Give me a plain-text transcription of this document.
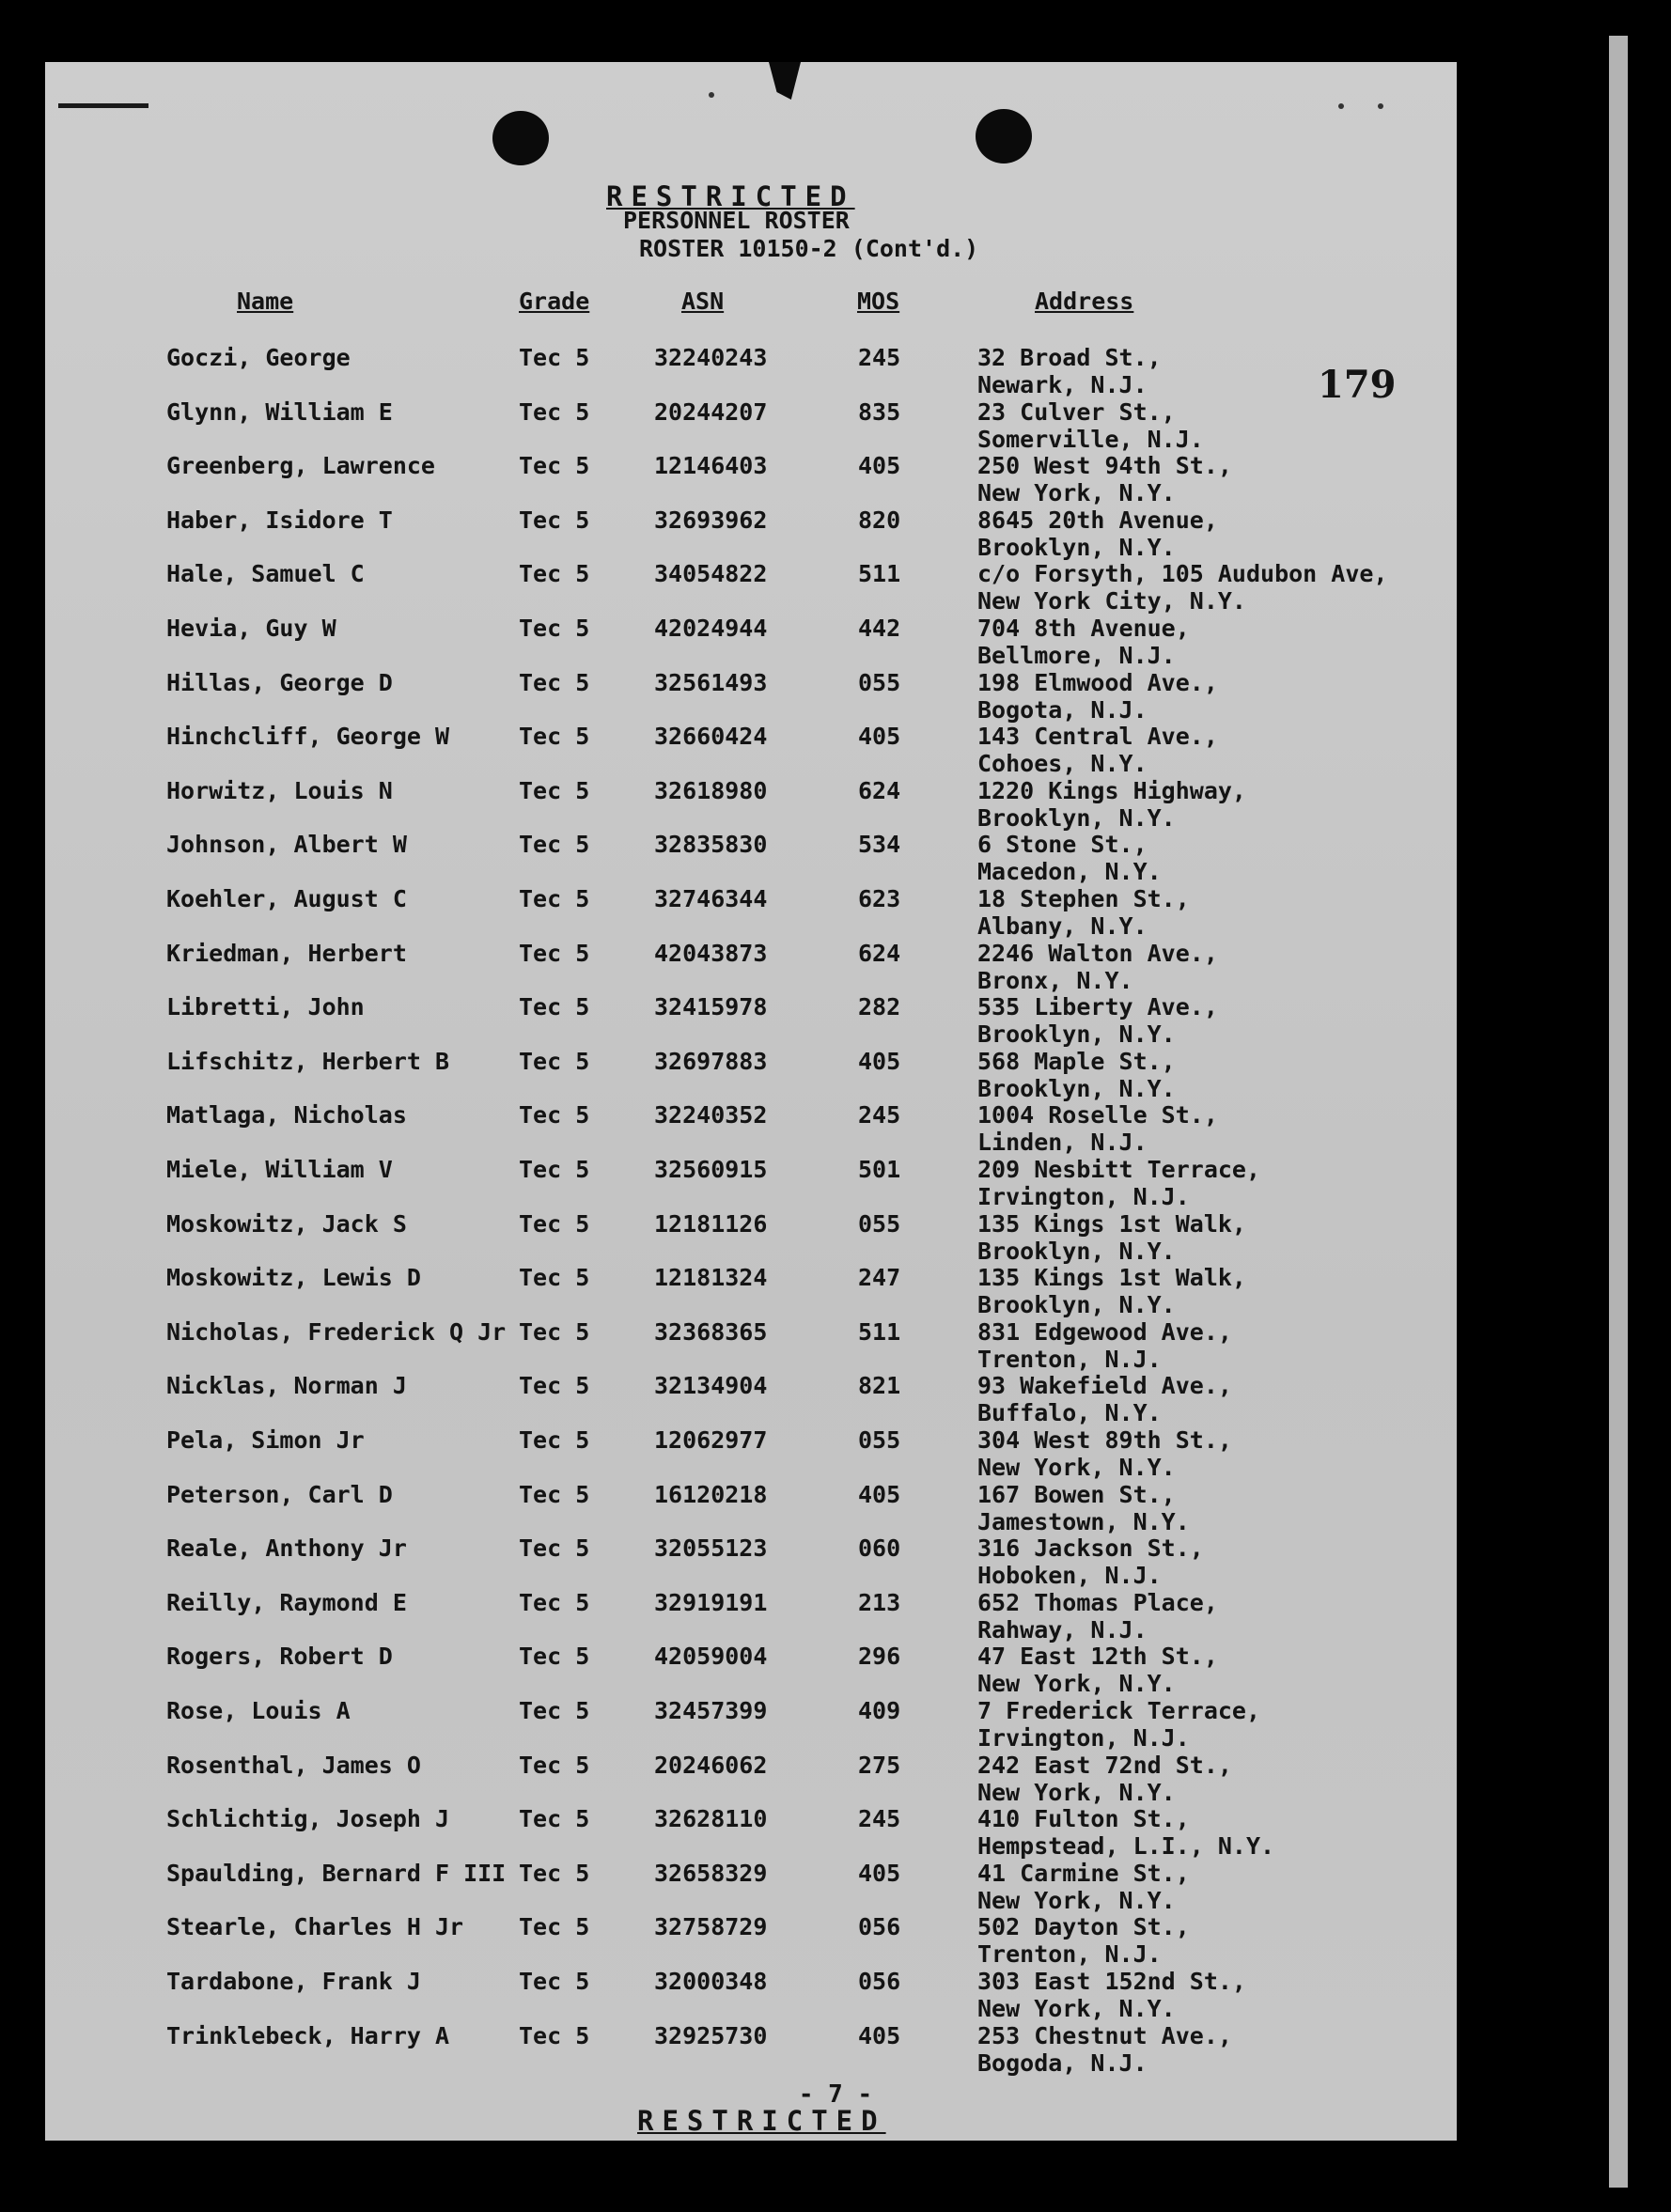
RESTRICTED
PERSONNEL ROSTER
ROSTER 10150-2 (Cont'd.)
Name	Grade	ASN	MOS	Address
179
Goczi, George	Tec 5	32240243	245	32 Broad St.,
Newark, N.J.
Glynn, William E	Tec 5	20244207	835	23 Culver St.,
Somerville, N.J.
Greenberg, Lawrence	Tec 5	12146403	405	250 West 94th St.,
New York, N.Y.
Haber, Isidore T	Tec 5	32693962	820	8645 20th Avenue,
Brooklyn, N.Y.
Hale, Samuel C	Tec 5	34054822	511	c/o Forsyth, 105 Audubon Ave,
New York City, N.Y.
Hevia, Guy W	Tec 5	42024944	442	704 8th Avenue,
Bellmore, N.J.
Hillas, George D	Tec 5	32561493	055	198 Elmwood Ave.,
Bogota, N.J.
Hinchcliff, George W	Tec 5	32660424	405	143 Central Ave.,
Cohoes, N.Y.
Horwitz, Louis N	Tec 5	32618980	624	1220 Kings Highway,
Brooklyn, N.Y.
Johnson, Albert W	Tec 5	32835830	534	6 Stone St.,
Macedon, N.Y.
Koehler, August C	Tec 5	32746344	623	18 Stephen St.,
Albany, N.Y.
Kriedman, Herbert	Tec 5	42043873	624	2246 Walton Ave.,
Bronx, N.Y.
Libretti, John	Tec 5	32415978	282	535 Liberty Ave.,
Brooklyn, N.Y.
Lifschitz, Herbert B	Tec 5	32697883	405	568 Maple St.,
Brooklyn, N.Y.
Matlaga, Nicholas	Tec 5	32240352	245	1004 Roselle St.,
Linden, N.J.
Miele, William V	Tec 5	32560915	501	209 Nesbitt Terrace,
Irvington, N.J.
Moskowitz, Jack S	Tec 5	12181126	055	135 Kings 1st Walk,
Brooklyn, N.Y.
Moskowitz, Lewis D	Tec 5	12181324	247	135 Kings 1st Walk,
Brooklyn, N.Y.
Nicholas, Frederick Q Jr Tec 5	32368365	511	831 Edgewood Ave.,
Trenton, N.J.
Nicklas, Norman J	Tec 5	32134904	821	93 Wakefield Ave.,
Buffalo, N.Y.
Pela, Simon Jr	Tec 5	12062977	055	304 West 89th St.,
New York, N.Y.
Peterson, Carl D	Tec 5	16120218	405	167 Bowen St.,
Jamestown, N.Y.
Reale, Anthony Jr	Tec 5	32055123	060	316 Jackson St.,
Hoboken, N.J.
Reilly, Raymond E	Tec 5	32919191	213	652 Thomas Place,
Rahway, N.J.
Rogers, Robert D	Tec 5	42059004	296	47 East 12th St.,
New York, N.Y.
Rose, Louis A	Tec 5	32457399	409	7 Frederick Terrace,
Irvington, N.J.
Rosenthal, James O	Tec 5	20246062	275	242 East 72nd St.,
New York, N.Y.
Schlichtig, Joseph J	Tec 5	32628110	245	410 Fulton St.,
Hempstead, L.I., N.Y.
Spaulding, Bernard F III Tec 5	32658329	405	41 Carmine St.,
New York, N.Y.
Stearle, Charles H Jr Tec 5	32758729	056	502 Dayton St.,
Trenton, N.J.
Tardabone, Frank J	Tec 5	32000348	056	303 East 152nd St.,
New York, N.Y.
Trinklebeck, Harry A	Tec 5	32925730	405	253 Chestnut Ave.,
Bogoda, N.J.
- 7 -
RESTRICTED
